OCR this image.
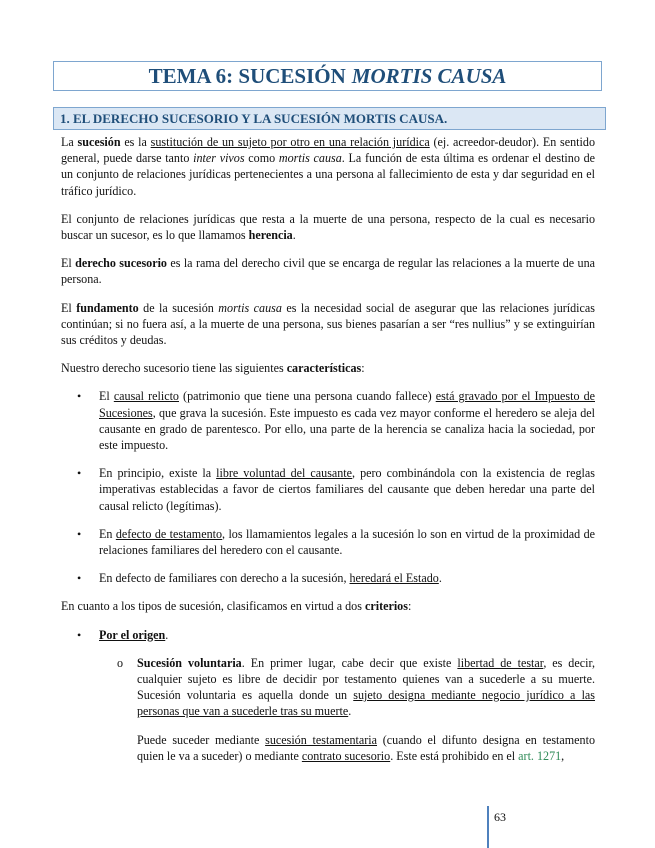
TEMA 6: SUCESIÓN MORTIS CAUSA
1. EL DERECHO SUCESORIO Y LA SUCESIÓN MORTIS CAUSA.

La sucesión es la sustitución de un sujeto por otro en una relación jurídica (ej. acreedor-deudor). En sentido general, puede darse tanto inter vivos como mortis causa. La función de esta última es ordenar el destino de un conjunto de relaciones jurídicas pertenecientes a una persona al fallecimiento de esta y dar seguridad en el tráfico jurídico.

El conjunto de relaciones jurídicas que resta a la muerte de una persona, respecto de la cual es necesario buscar un sucesor, es lo que llamamos herencia.

El derecho sucesorio es la rama del derecho civil que se encarga de regular las relaciones a la muerte de una persona.

El fundamento de la sucesión mortis causa es la necesidad social de asegurar que las relaciones jurídicas continúan; si no fuera así, a la muerte de una persona, sus bienes pasarían a ser “res nullius” y se extinguirían sus créditos y deudas.

Nuestro derecho sucesorio tiene las siguientes características:

• El causal relicto (patrimonio que tiene una persona cuando fallece) está gravado por el Impuesto de Sucesiones, que grava la sucesión. Este impuesto es cada vez mayor conforme el heredero se aleja del causante en grado de parentesco. Por ello, una parte de la herencia se canaliza hacia la sociedad, por este impuesto.
• En principio, existe la libre voluntad del causante, pero combinándola con la existencia de reglas imperativas establecidas a favor de ciertos familiares del causante que deben heredar una parte del causal relicto (legítimas).
• En defecto de testamento, los llamamientos legales a la sucesión lo son en virtud de la proximidad de relaciones familiares del heredero con el causante.
• En defecto de familiares con derecho a la sucesión, heredará el Estado.

En cuanto a los tipos de sucesión, clasificamos en virtud a dos criterios:

• Por el origen.
o Sucesión voluntaria. En primer lugar, cabe decir que existe libertad de testar, es decir, cualquier sujeto es libre de decidir por testamento quienes van a sucederle a su muerte. Sucesión voluntaria es aquella donde un sujeto designa mediante negocio jurídico a las personas que van a sucederle tras su muerte.

Puede suceder mediante sucesión testamentaria (cuando el difunto designa en testamento quien le va a suceder) o mediante contrato sucesorio. Este está prohibido en el art. 1271,

63
